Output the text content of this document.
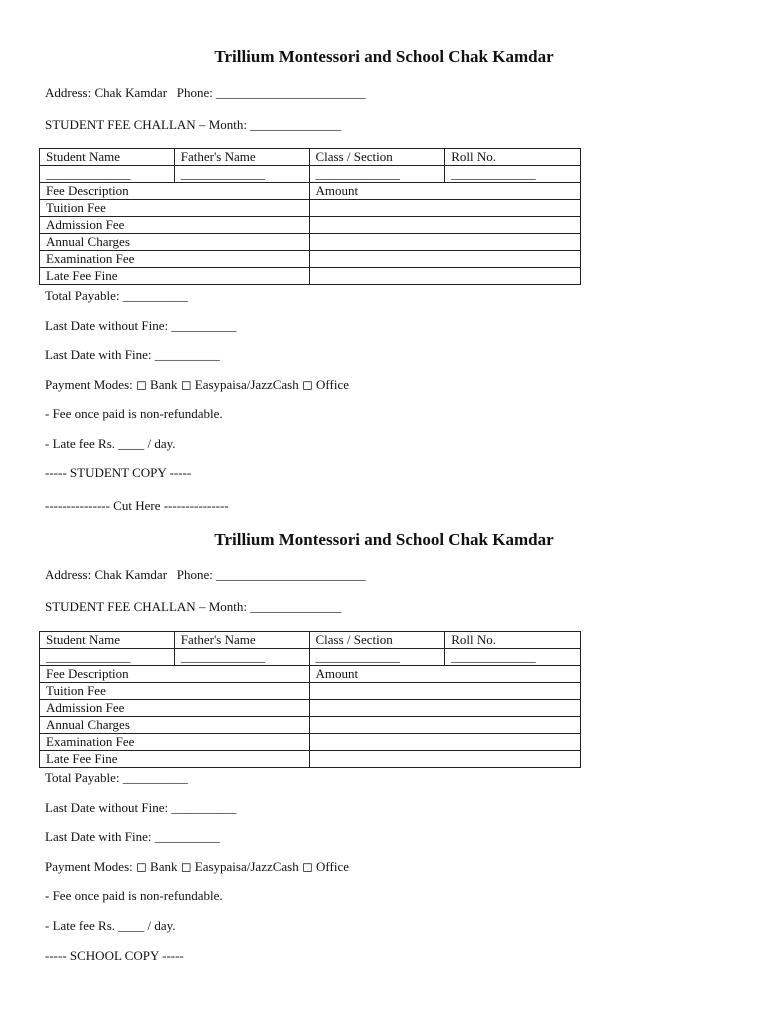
Trillium Montessori and School Chak Kamdar
Address: Chak Kamdar   Phone: _______________________
STUDENT FEE CHALLAN – Month: ______________
Student Name	Father's Name	Class / Section	Roll No.
_____________	_____________	_____________	_____________
Fee Description		Amount	
Tuition Fee			
Admission Fee			
Annual Charges			
Examination Fee			
Late Fee Fine			
Total Payable: __________
Last Date without Fine: __________
Last Date with Fine: __________
Payment Modes: ◻ Bank ◻ Easypaisa/JazzCash ◻ Office
- Fee once paid is non-refundable.
- Late fee Rs. ____ / day.
----- STUDENT COPY -----
--------------- Cut Here ---------------
Trillium Montessori and School Chak Kamdar
Address: Chak Kamdar   Phone: _______________________
STUDENT FEE CHALLAN – Month: ______________
Student Name	Father's Name	Class / Section	Roll No.
_____________	_____________	_____________	_____________
Fee Description		Amount	
Tuition Fee			
Admission Fee			
Annual Charges			
Examination Fee			
Late Fee Fine			
Total Payable: __________
Last Date without Fine: __________
Last Date with Fine: __________
Payment Modes: ◻ Bank ◻ Easypaisa/JazzCash ◻ Office
- Fee once paid is non-refundable.
- Late fee Rs. ____ / day.
----- SCHOOL COPY -----
